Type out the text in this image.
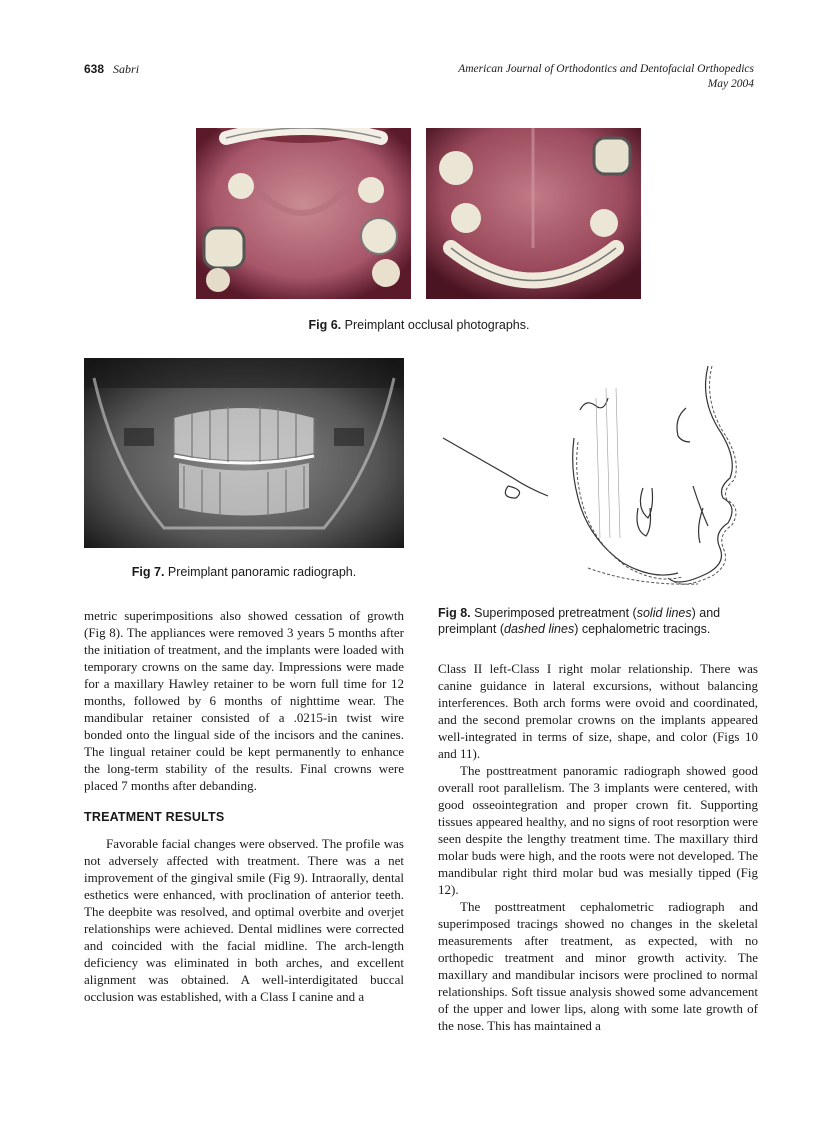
638 Sabri	American Journal of Orthodontics and Dentofacial Orthopedics
May 2004
Fig 6. Preimplant occlusal photographs.
Fig 7. Preimplant panoramic radiograph.
Fig 8. Superimposed pretreatment (solid lines) and preimplant (dashed lines) cephalometric tracings.

metric superimpositions also showed cessation of growth (Fig 8). The appliances were removed 3 years 5 months after the initiation of treatment, and the implants were loaded with temporary crowns on the same day. Impressions were made for a maxillary Hawley retainer to be worn full time for 12 months, followed by 6 months of nighttime wear. The mandibular retainer consisted of a .0215-in twist wire bonded onto the lingual side of the incisors and the canines. The lingual retainer could be kept permanently to enhance the long-term stability of the results. Final crowns were placed 7 months after debanding.

TREATMENT RESULTS

Favorable facial changes were observed. The profile was not adversely affected with treatment. There was a net improvement of the gingival smile (Fig 9). Intraorally, dental esthetics were enhanced, with proclination of anterior teeth. The deepbite was resolved, and optimal overbite and overjet relationships were achieved. Dental midlines were corrected and coincided with the facial midline. The arch-length deficiency was eliminated in both arches, and excellent alignment was obtained. A well-interdigitated buccal occlusion was established, with a Class I canine and a

Class II left-Class I right molar relationship. There was canine guidance in lateral excursions, without balancing interferences. Both arch forms were ovoid and coordinated, and the second premolar crowns on the implants appeared well-integrated in terms of size, shape, and color (Figs 10 and 11).

The posttreatment panoramic radiograph showed good overall root parallelism. The 3 implants were centered, with good osseointegration and proper crown fit. Supporting tissues appeared healthy, and no signs of root resorption were seen despite the lengthy treatment time. The maxillary third molar buds were high, and the roots were not developed. The mandibular right third molar bud was mesially tipped (Fig 12).

The posttreatment cephalometric radiograph and superimposed tracings showed no changes in the skeletal measurements after treatment, as expected, with no orthopedic treatment and minor growth activity. The maxillary and mandibular incisors were proclined to normal relationships. Soft tissue analysis showed some advancement of the upper and lower lips, along with some late growth of the nose. This has maintained a
